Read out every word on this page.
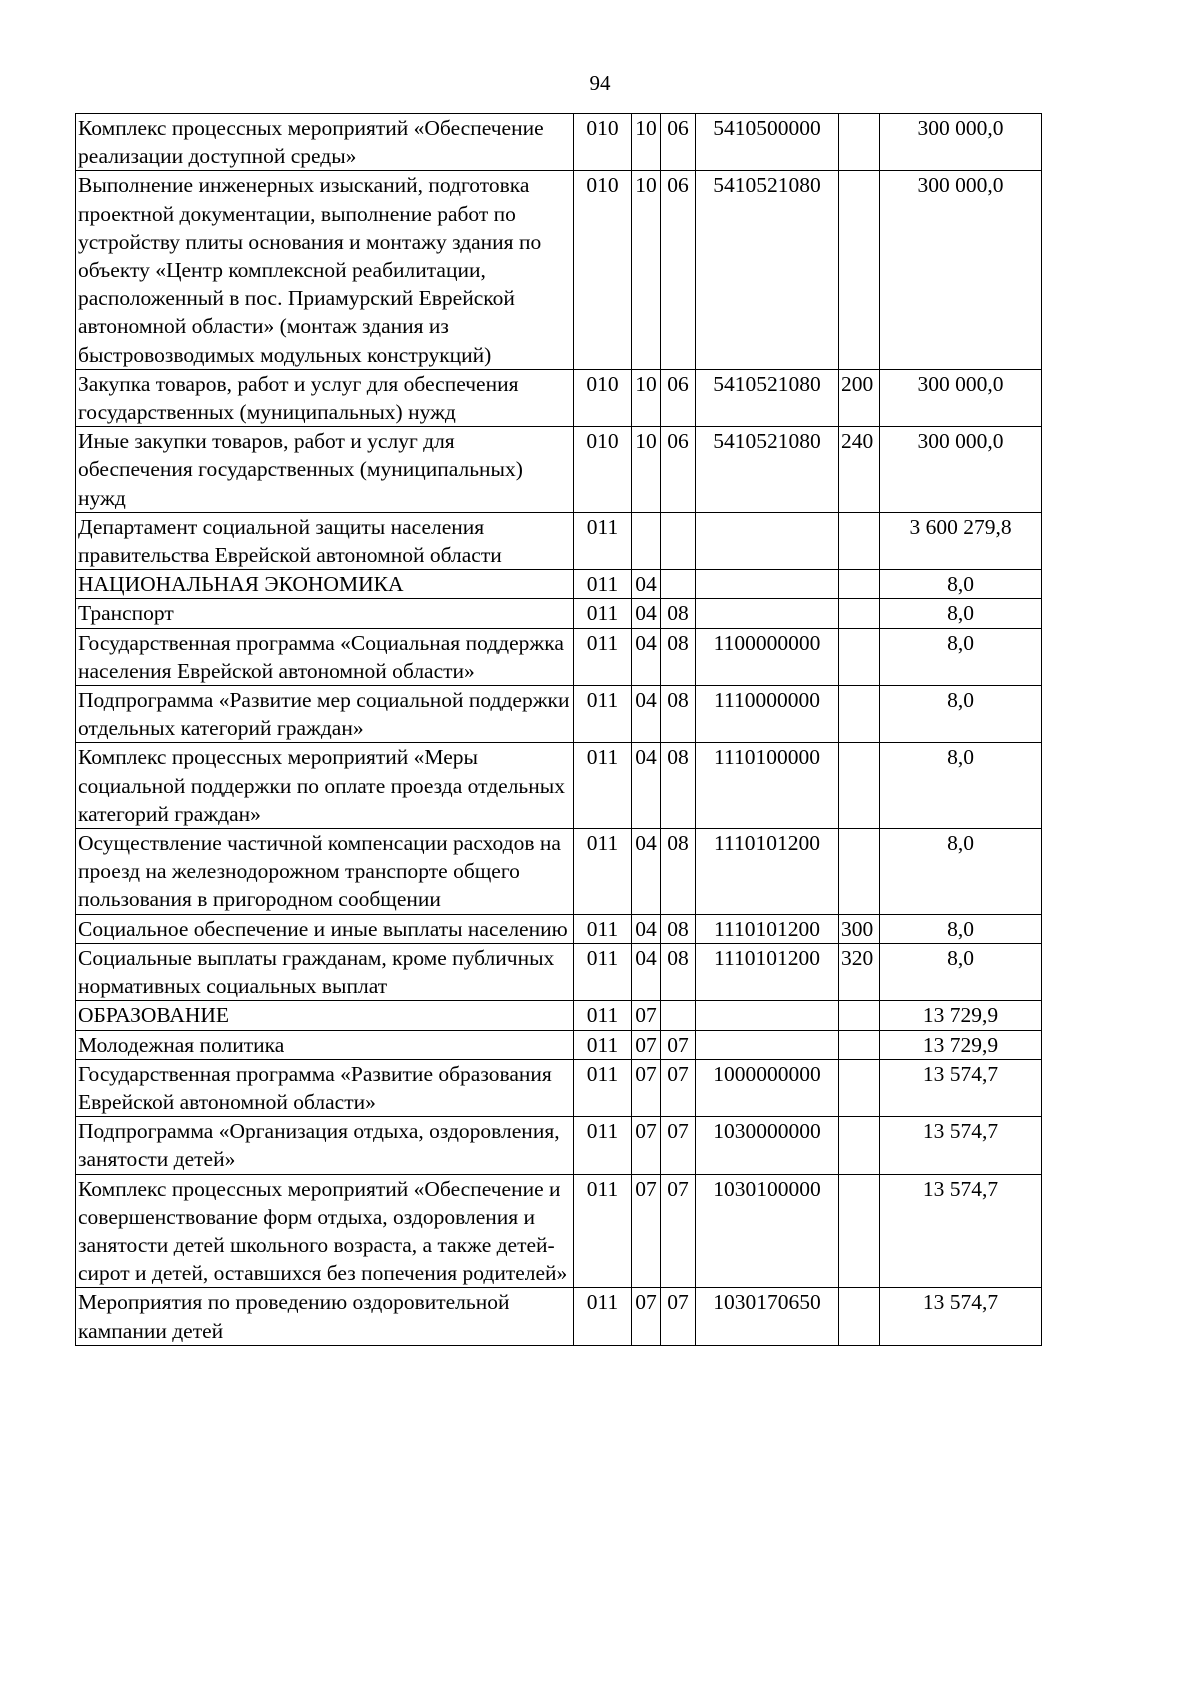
94
Комплекс процессных мероприятий «Обеспечение реализации доступной среды»	010	10	06	5410500000		300 000,0
Выполнение инженерных изысканий, подготовка проектной документации, выполнение работ по устройству плиты основания и монтажу здания по объекту «Центр комплексной реабилитации, расположенный в пос. Приамурский Еврейской автономной области» (монтаж здания из быстровозводимых модульных конструкций)	010	10	06	5410521080		300 000,0
Закупка товаров, работ и услуг для обеспечения государственных (муниципальных) нужд	010	10	06	5410521080	200	300 000,0
Иные закупки товаров, работ и услуг для обеспечения государственных (муниципальных) нужд	010	10	06	5410521080	240	300 000,0
Департамент социальной защиты населения правительства Еврейской автономной области	011					3 600 279,8
НАЦИОНАЛЬНАЯ ЭКОНОМИКА	011	04				8,0
Транспорт	011	04	08			8,0
Государственная программа «Социальная поддержка населения Еврейской автономной области»	011	04	08	1100000000		8,0
Подпрограмма «Развитие мер социальной поддержки отдельных категорий граждан»	011	04	08	1110000000		8,0
Комплекс процессных мероприятий «Меры социальной поддержки по оплате проезда отдельных категорий граждан»	011	04	08	1110100000		8,0
Осуществление частичной компенсации расходов на проезд на железнодорожном транспорте общего пользования в пригородном сообщении	011	04	08	1110101200		8,0
Социальное обеспечение и иные выплаты населению	011	04	08	1110101200	300	8,0
Социальные выплаты гражданам, кроме публичных нормативных социальных выплат	011	04	08	1110101200	320	8,0
ОБРАЗОВАНИЕ	011	07				13 729,9
Молодежная политика	011	07	07			13 729,9
Государственная программа «Развитие образования Еврейской автономной области»	011	07	07	1000000000		13 574,7
Подпрограмма «Организация отдыха, оздоровления, занятости детей»	011	07	07	1030000000		13 574,7
Комплекс процессных мероприятий «Обеспечение и совершенствование форм отдыха, оздоровления и занятости детей школьного возраста, а также детей-сирот и детей, оставшихся без попечения родителей»	011	07	07	1030100000		13 574,7
Мероприятия по проведению оздоровительной кампании детей	011	07	07	1030170650		13 574,7
